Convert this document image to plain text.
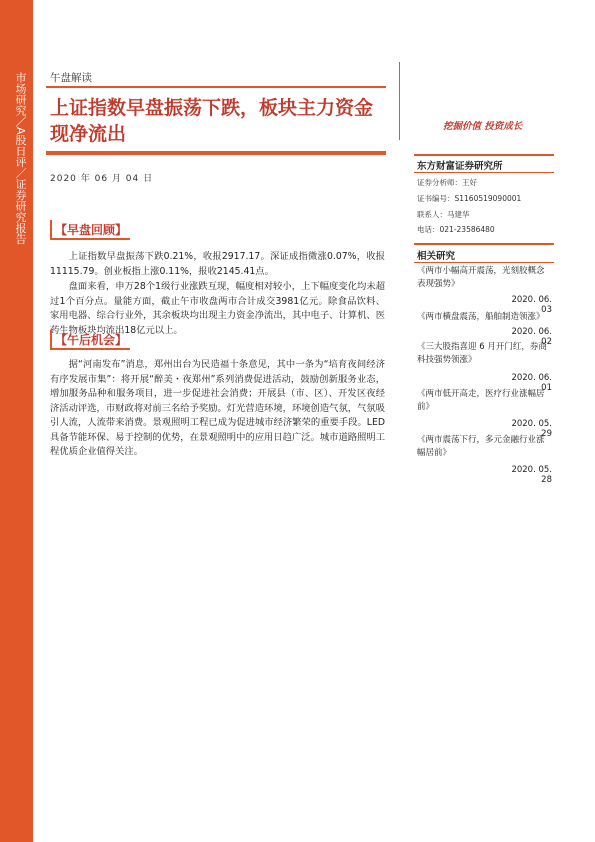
市场研究／A股日评／证券研究报告 午盘解读
上证指数早盘振荡下跌，板块主力资金现净流出
2020 年 06 月 04 日
挖掘价值 投资成长
东方财富证券研究所
证券分析师：王好
证书编号：S1160519090001
联系人：马建华
电话：021-23586480
相关研究
《两市小幅高开震荡，光刻胶概念表现强势》
2020. 06. 03
《两市横盘震荡，船舶制造领涨》
2020. 06. 02
《三大股指喜迎 6 月开门红，券商科技强势领涨》
2020. 06. 01
《两市低开高走，医疗行业涨幅居前》
2020. 05. 29
《两市震荡下行，多元金融行业涨幅居前》
2020. 05. 28
【早盘回顾】
上证指数早盘振荡下跌0.21%，收报2917.17。深证成指微涨0.07%，收报11115.79。创业板指上涨0.11%，报收2145.41点。
盘面来看，申万28个1级行业涨跌互现，幅度相对较小，上下幅度变化均未超过1个百分点。量能方面，截止午市收盘两市合计成交3981亿元。除食品饮料、家用电器、综合行业外，其余板块均出现主力资金净流出，其中电子、计算机、医药生物板块均流出18亿元以上。
【午后机会】
据“河南发布”消息，郑州出台为民造福十条意见，其中一条为“培育夜间经济有序发展市集”：将开展“醉美・夜郑州”系列消费促进活动，鼓励创新服务业态，增加服务品种和服务项目，进一步促进社会消费；开展县（市、区）、开发区夜经济活动评选，市财政将对前三名给予奖励。灯光营造环境，环境创造气氛，气氛吸引人流，人流带来消费。景观照明工程已成为促进城市经济繁荣的重要手段。LED具备节能环保、易于控制的优势，在景观照明中的应用日趋广泛。城市道路照明工程优质企业值得关注。
